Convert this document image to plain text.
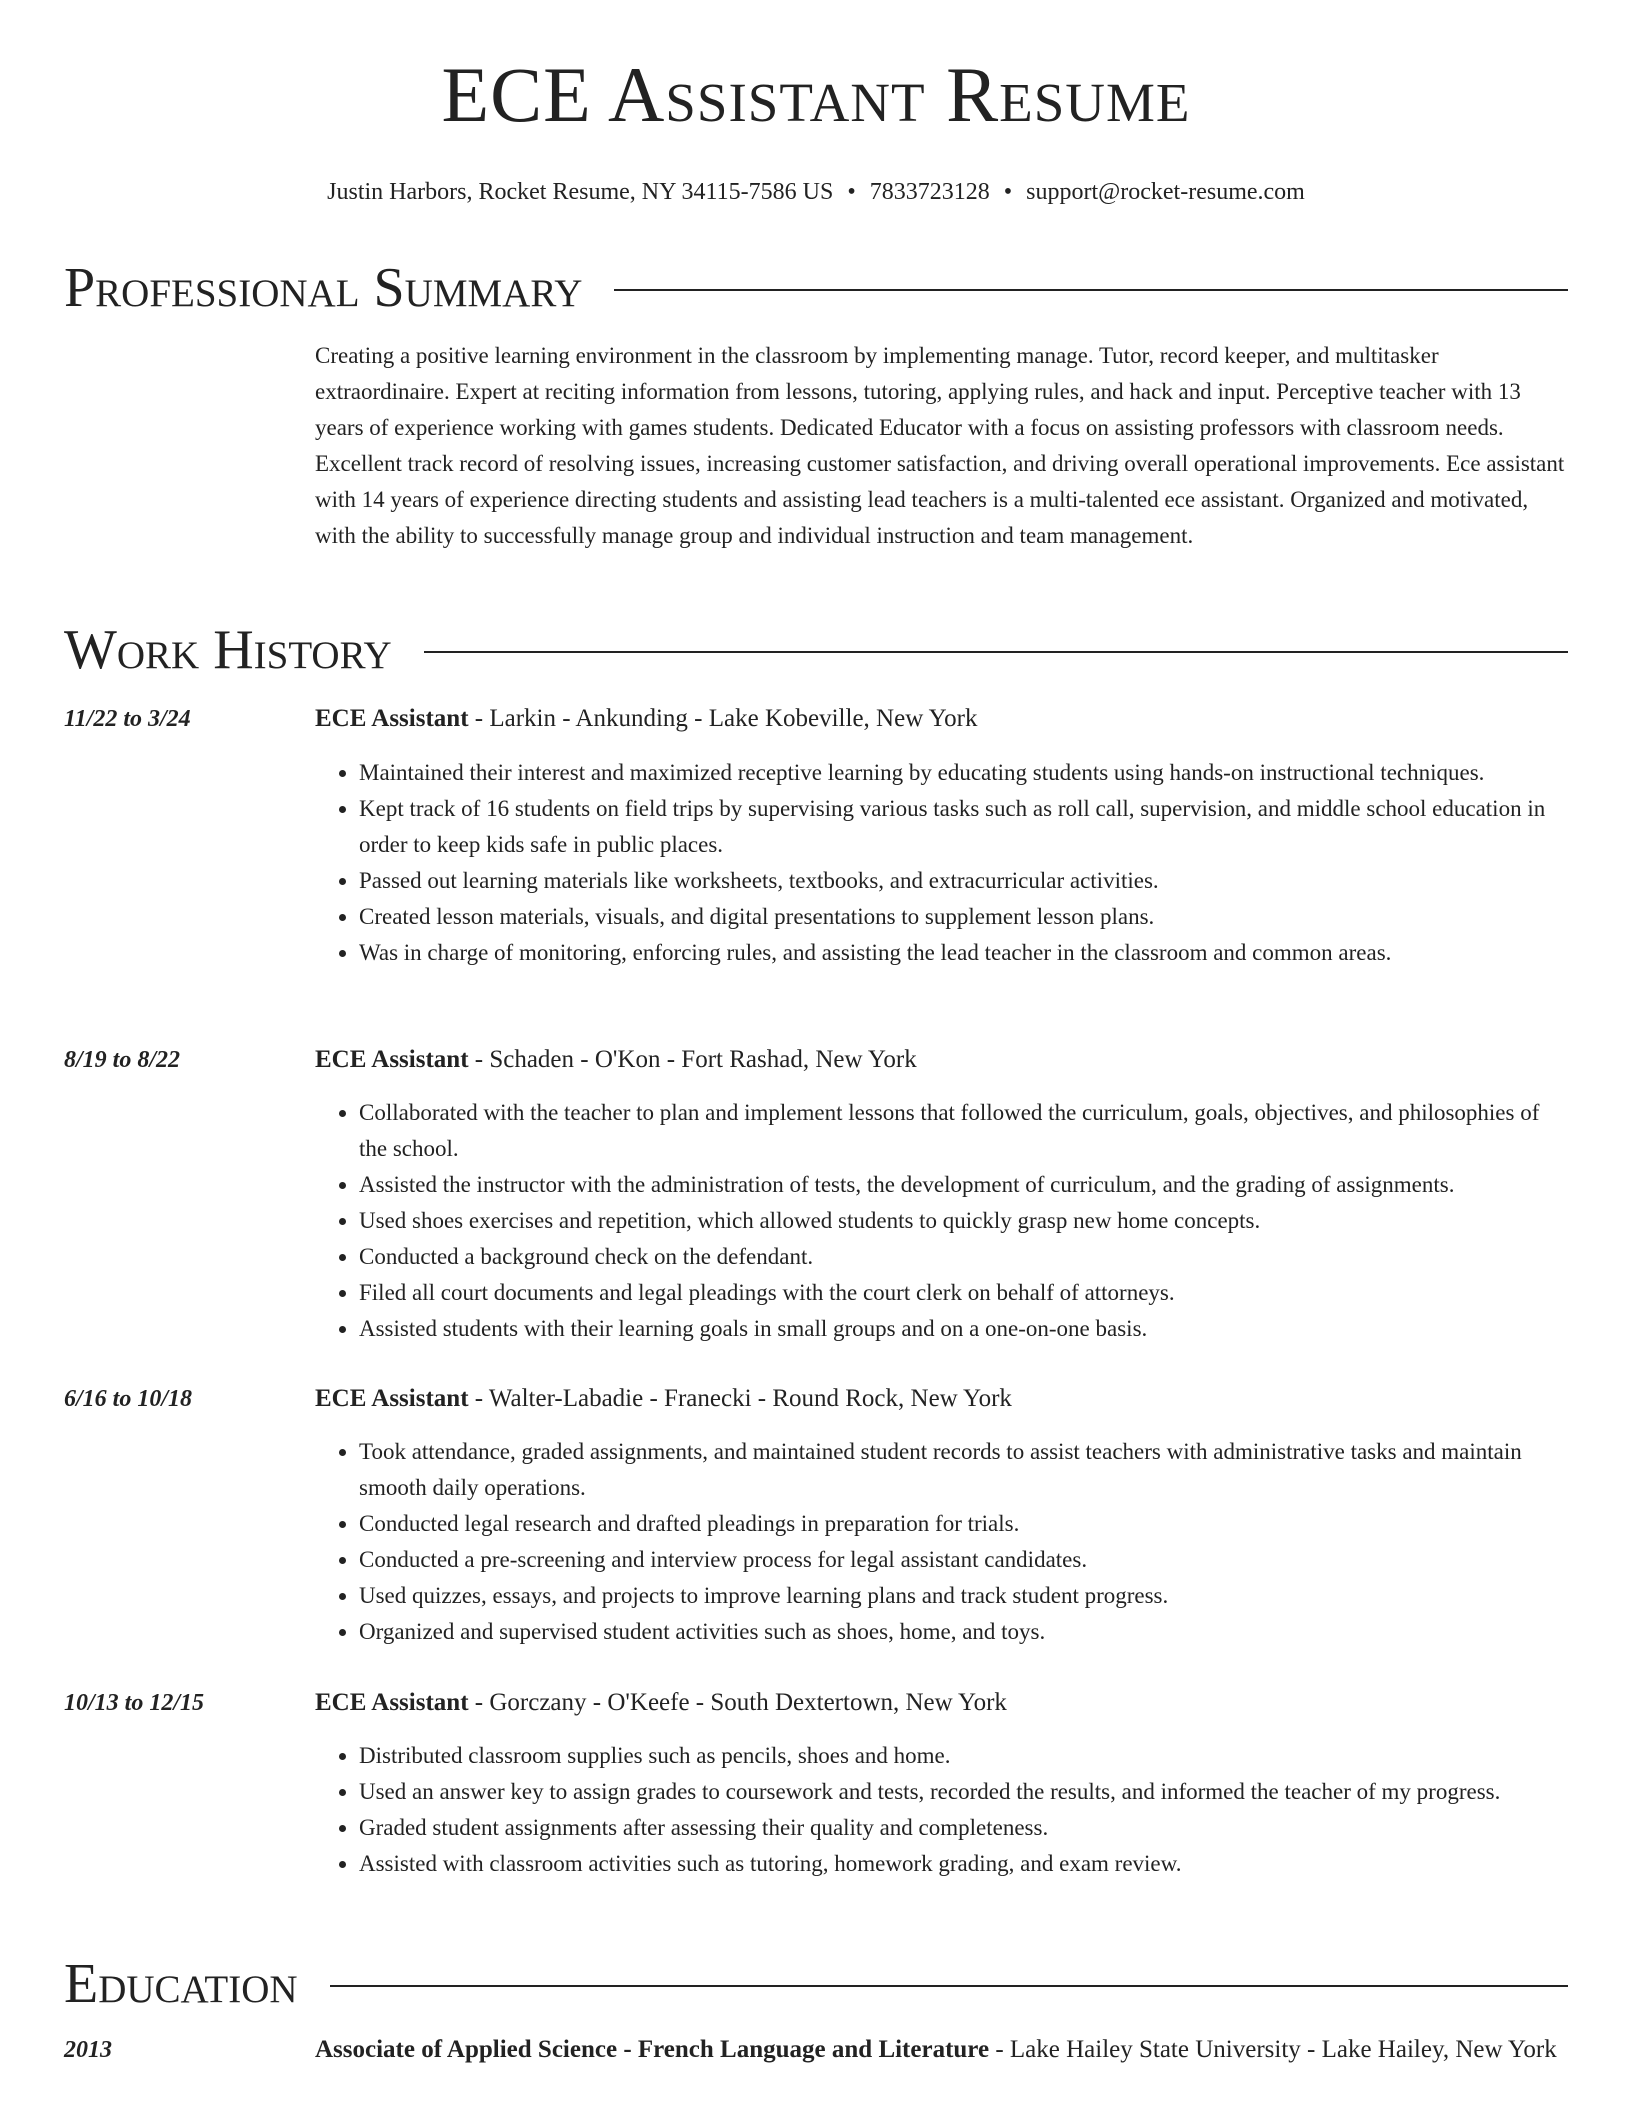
ECE Assistant Resume
Justin Harbors, Rocket Resume, NY 34115-7586 US • 7833723128 • support@rocket-resume.com
Professional Summary
Creating a positive learning environment in the classroom by implementing manage. Tutor, record keeper, and multitasker extraordinaire. Expert at reciting information from lessons, tutoring, applying rules, and hack and input. Perceptive teacher with 13 years of experience working with games students. Dedicated Educator with a focus on assisting professors with classroom needs. Excellent track record of resolving issues, increasing customer satisfaction, and driving overall operational improvements. Ece assistant with 14 years of experience directing students and assisting lead teachers is a multi-talented ece assistant. Organized and motivated, with the ability to successfully manage group and individual instruction and team management.
Work History
11/22 to 3/24	ECE Assistant - Larkin - Ankunding - Lake Kobeville, New York
• Maintained their interest and maximized receptive learning by educating students using hands-on instructional techniques.
• Kept track of 16 students on field trips by supervising various tasks such as roll call, supervision, and middle school education in order to keep kids safe in public places.
• Passed out learning materials like worksheets, textbooks, and extracurricular activities.
• Created lesson materials, visuals, and digital presentations to supplement lesson plans.
• Was in charge of monitoring, enforcing rules, and assisting the lead teacher in the classroom and common areas.
8/19 to 8/22	ECE Assistant - Schaden - O'Kon - Fort Rashad, New York
• Collaborated with the teacher to plan and implement lessons that followed the curriculum, goals, objectives, and philosophies of the school.
• Assisted the instructor with the administration of tests, the development of curriculum, and the grading of assignments.
• Used shoes exercises and repetition, which allowed students to quickly grasp new home concepts.
• Conducted a background check on the defendant.
• Filed all court documents and legal pleadings with the court clerk on behalf of attorneys.
• Assisted students with their learning goals in small groups and on a one-on-one basis.
6/16 to 10/18	ECE Assistant - Walter-Labadie - Franecki - Round Rock, New York
• Took attendance, graded assignments, and maintained student records to assist teachers with administrative tasks and maintain smooth daily operations.
• Conducted legal research and drafted pleadings in preparation for trials.
• Conducted a pre-screening and interview process for legal assistant candidates.
• Used quizzes, essays, and projects to improve learning plans and track student progress.
• Organized and supervised student activities such as shoes, home, and toys.
10/13 to 12/15	ECE Assistant - Gorczany - O'Keefe - South Dextertown, New York
• Distributed classroom supplies such as pencils, shoes and home.
• Used an answer key to assign grades to coursework and tests, recorded the results, and informed the teacher of my progress.
• Graded student assignments after assessing their quality and completeness.
• Assisted with classroom activities such as tutoring, homework grading, and exam review.
Education
2013	Associate of Applied Science - French Language and Literature - Lake Hailey State University - Lake Hailey, New York
